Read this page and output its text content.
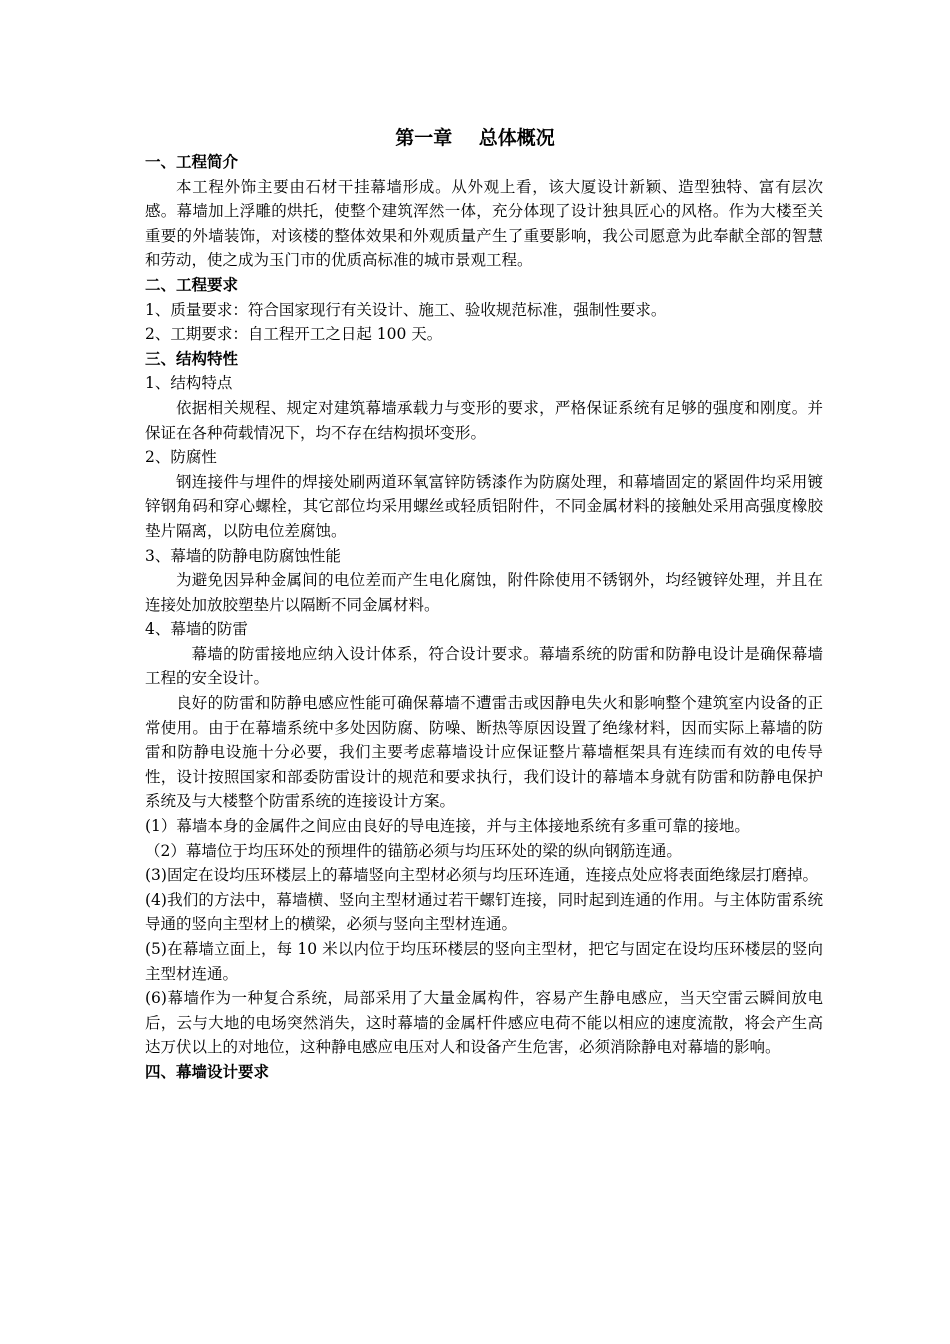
第一章    总体概况

一、工程简介

本工程外饰主要由石材干挂幕墙形成。从外观上看，该大厦设计新颖、造型独特、富有层次感。幕墙加上浮雕的烘托，使整个建筑浑然一体，充分体现了设计独具匠心的风格。作为大楼至关重要的外墙装饰，对该楼的整体效果和外观质量产生了重要影响，我公司愿意为此奉献全部的智慧和劳动，使之成为玉门市的优质高标准的城市景观工程。

二、工程要求

1、质量要求：符合国家现行有关设计、施工、验收规范标准，强制性要求。

2、工期要求：自工程开工之日起 100 天。

三、结构特性

1、结构特点

依据相关规程、规定对建筑幕墙承载力与变形的要求，严格保证系统有足够的强度和刚度。并保证在各种荷载情况下，均不存在结构损坏变形。

2、防腐性

钢连接件与埋件的焊接处刷两道环氧富锌防锈漆作为防腐处理，和幕墙固定的紧固件均采用镀锌钢角码和穿心螺栓，其它部位均采用螺丝或轻质铝附件，不同金属材料的接触处采用高强度橡胶垫片隔离，以防电位差腐蚀。

3、幕墙的防静电防腐蚀性能

为避免因异种金属间的电位差而产生电化腐蚀，附件除使用不锈钢外，均经镀锌处理，并且在连接处加放胶塑垫片以隔断不同金属材料。

4、幕墙的防雷

幕墙的防雷接地应纳入设计体系，符合设计要求。幕墙系统的防雷和防静电设计是确保幕墙工程的安全设计。

良好的防雷和防静电感应性能可确保幕墙不遭雷击或因静电失火和影响整个建筑室内设备的正常使用。由于在幕墙系统中多处因防腐、防噪、断热等原因设置了绝缘材料，因而实际上幕墙的防雷和防静电设施十分必要，我们主要考虑幕墙设计应保证整片幕墙框架具有连续而有效的电传导性，设计按照国家和部委防雷设计的规范和要求执行，我们设计的幕墙本身就有防雷和防静电保护系统及与大楼整个防雷系统的连接设计方案。

(1）幕墙本身的金属件之间应由良好的导电连接，并与主体接地系统有多重可靠的接地。

（2）幕墙位于均压环处的预埋件的锚筋必须与均压环处的梁的纵向钢筋连通。

(3)固定在设均压环楼层上的幕墙竖向主型材必须与均压环连通，连接点处应将表面绝缘层打磨掉。

(4)我们的方法中，幕墙横、竖向主型材通过若干螺钉连接，同时起到连通的作用。与主体防雷系统导通的竖向主型材上的横梁，必须与竖向主型材连通。

(5)在幕墙立面上，每 10 米以内位于均压环楼层的竖向主型材，把它与固定在设均压环楼层的竖向主型材连通。

(6)幕墙作为一种复合系统，局部采用了大量金属构件，容易产生静电感应，当天空雷云瞬间放电后，云与大地的电场突然消失，这时幕墙的金属杆件感应电荷不能以相应的速度流散，将会产生高达万伏以上的对地位，这种静电感应电压对人和设备产生危害，必须消除静电对幕墙的影响。

四、幕墙设计要求
